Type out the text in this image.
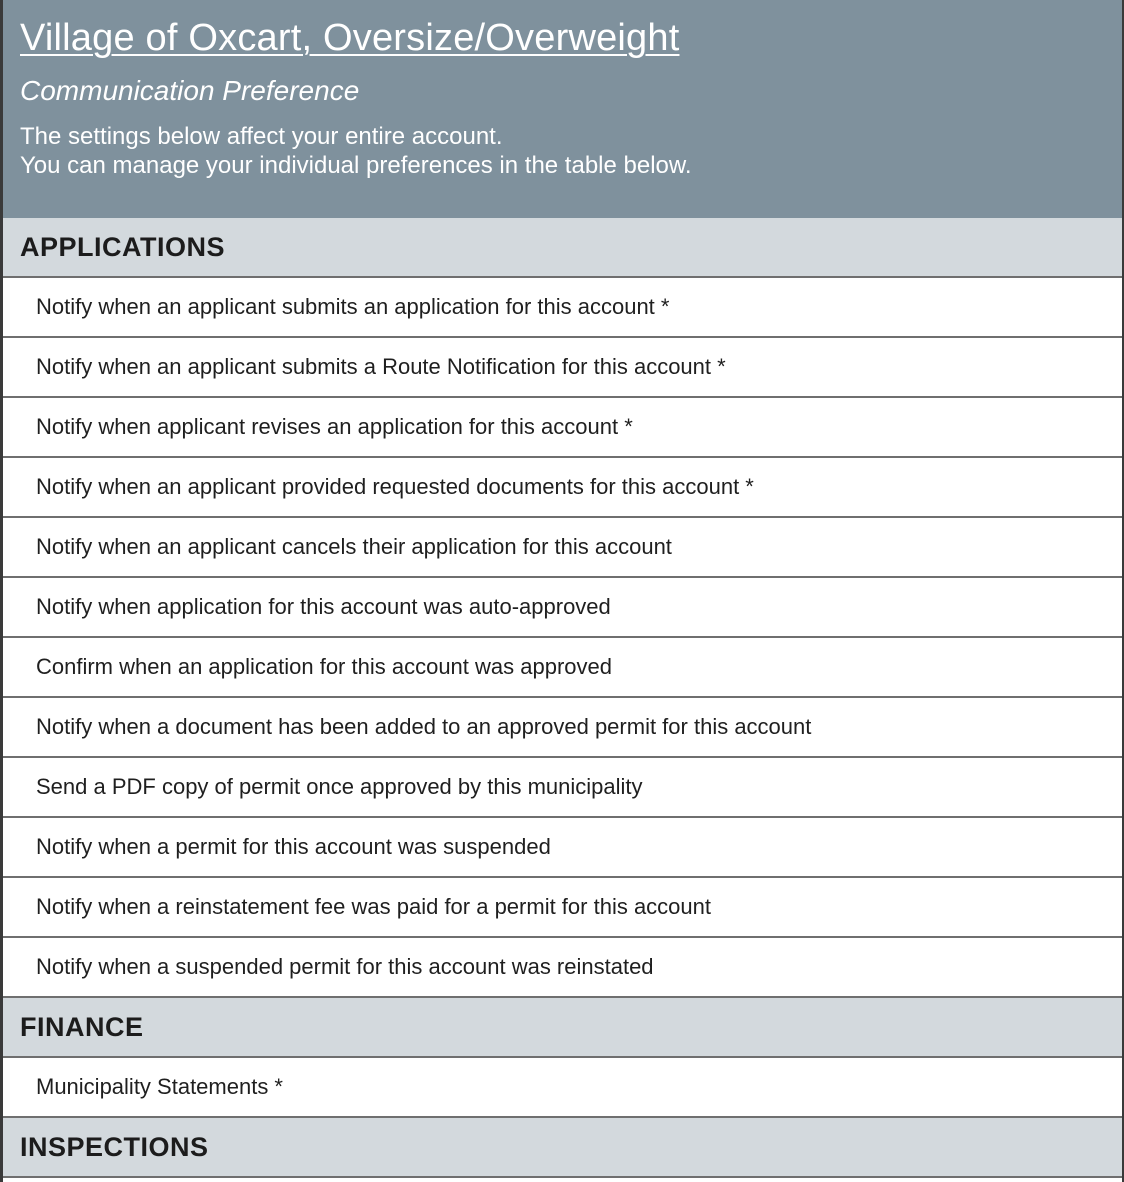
Village of Oxcart, Oversize/Overweight
Communication Preference
The settings below affect your entire account.
You can manage your individual preferences in the table below.
APPLICATIONS
Notify when an applicant submits an application for this account *
Notify when an applicant submits a Route Notification for this account *
Notify when applicant revises an application for this account *
Notify when an applicant provided requested documents for this account *
Notify when an applicant cancels their application for this account
Notify when application for this account was auto-approved
Confirm when an application for this account was approved
Notify when a document has been added to an approved permit for this account
Send a PDF copy of permit once approved by this municipality
Notify when a permit for this account was suspended
Notify when a reinstatement fee was paid for a permit for this account
Notify when a suspended permit for this account was reinstated
FINANCE
Municipality Statements *
INSPECTIONS
